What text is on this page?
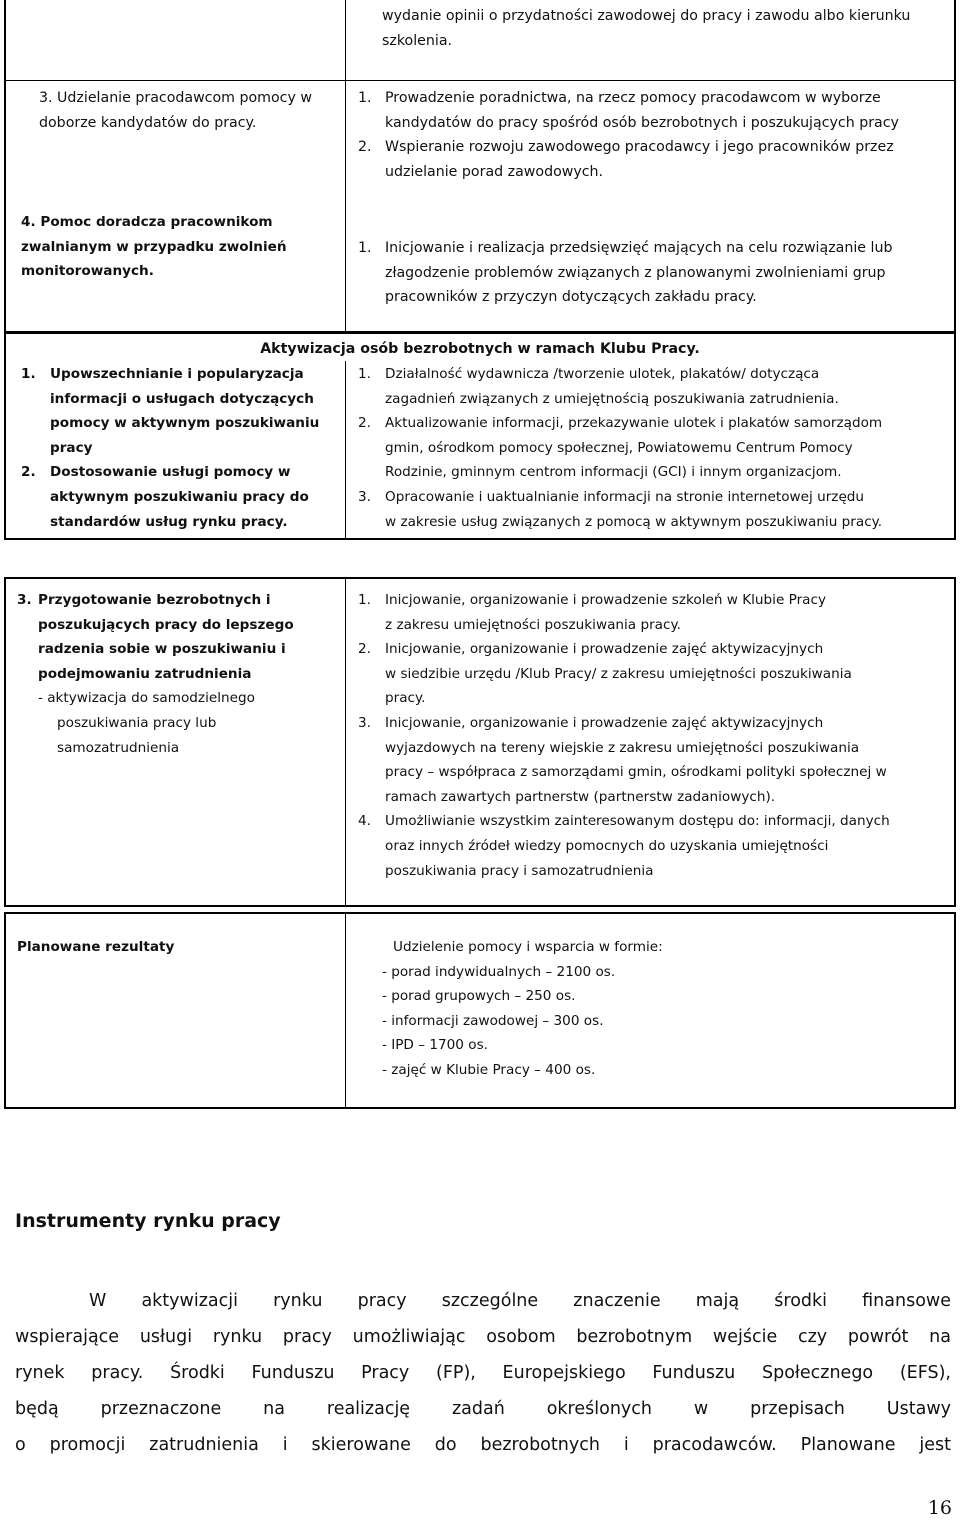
wydanie opinii o przydatności zawodowej do pracy i zawodu albo kierunku
szkolenia.
3. Udzielanie pracodawcom pomocy w
doborze kandydatów do pracy.
1. Prowadzenie poradnictwa, na rzecz pomocy pracodawcom w wyborze
kandydatów do pracy spośród osób bezrobotnych i poszukujących pracy
2. Wspieranie rozwoju zawodowego pracodawcy i jego pracowników przez
udzielanie porad zawodowych.
4. Pomoc doradcza pracownikom
zwalnianym w przypadku zwolnień
monitorowanych.
1. Inicjowanie i realizacja przedsięwzięć mających na celu rozwiązanie lub
złagodzenie problemów związanych z planowanymi zwolnieniami grup
pracowników z przyczyn dotyczących zakładu pracy.
Aktywizacja osób bezrobotnych w ramach Klubu Pracy.
1. Upowszechnianie i popularyzacja
informacji o usługach dotyczących
pomocy w aktywnym poszukiwaniu
pracy
2. Dostosowanie usługi pomocy w
aktywnym poszukiwaniu pracy do
standardów usług rynku pracy.
1. Działalność wydawnicza /tworzenie ulotek, plakatów/ dotycząca
zagadnień związanych z umiejętnością poszukiwania zatrudnienia.
2. Aktualizowanie informacji, przekazywanie ulotek i plakatów samorządom
gmin, ośrodkom pomocy społecznej, Powiatowemu Centrum Pomocy
Rodzinie, gminnym centrom informacji (GCI) i innym organizacjom.
3. Opracowanie i uaktualnianie informacji na stronie internetowej urzędu
w zakresie usług związanych z pomocą w aktywnym poszukiwaniu pracy.
3. Przygotowanie bezrobotnych i
poszukujących pracy do lepszego
radzenia sobie w poszukiwaniu i
podejmowaniu zatrudnienia
- aktywizacja do samodzielnego
poszukiwania pracy lub
samozatrudnienia
1. Inicjowanie, organizowanie i prowadzenie szkoleń w Klubie Pracy
z zakresu umiejętności poszukiwania pracy.
2. Inicjowanie, organizowanie i prowadzenie zajęć aktywizacyjnych
w siedzibie urzędu /Klub Pracy/ z zakresu umiejętności poszukiwania
pracy.
3. Inicjowanie, organizowanie i prowadzenie zajęć aktywizacyjnych
wyjazdowych na tereny wiejskie z zakresu umiejętności poszukiwania
pracy – współpraca z samorządami gmin, ośrodkami polityki społecznej w
ramach zawartych partnerstw (partnerstw zadaniowych).
4. Umożliwianie wszystkim zainteresowanym dostępu do: informacji, danych
oraz innych źródeł wiedzy pomocnych do uzyskania umiejętności
poszukiwania pracy i samozatrudnienia
Planowane rezultaty	Udzielenie pomocy i wsparcia w formie:
- porad indywidualnych – 2100 os.
- porad grupowych – 250 os.
- informacji zawodowej – 300 os.
- IPD – 1700 os.
- zajęć w Klubie Pracy – 400 os.
Instrumenty rynku pracy
W aktywizacji rynku pracy szczególne znaczenie mają środki finansowe
wspierające usługi rynku pracy umożliwiając osobom bezrobotnym wejście czy powrót na
rynek pracy. Środki Funduszu Pracy (FP), Europejskiego Funduszu Społecznego (EFS),
będą przeznaczone na realizację zadań określonych w przepisach Ustawy
o promocji zatrudnienia i skierowane do bezrobotnych i pracodawców. Planowane jest
16
